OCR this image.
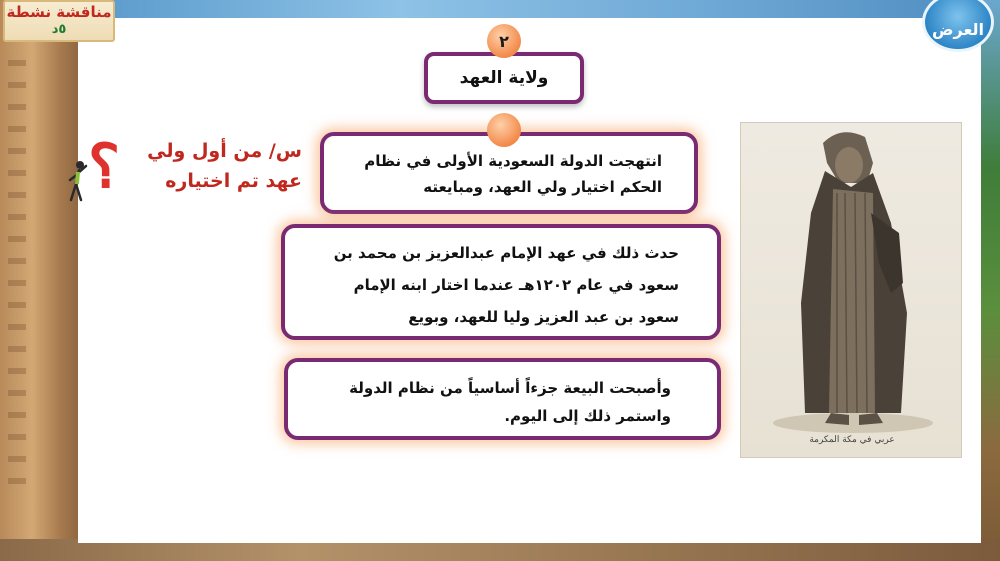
مناقشة نشطة
٥د	العرض
٢
ولاية العهد
انتهجت الدولة السعودية الأولى في نظام
الحكم اختيار ولي العهد، ومبايعته
حدث ذلك في عهد الإمام عبدالعزيز بن محمد بن
سعود في عام ١٢٠٢هـ عندما اختار ابنه الإمام
سعود بن عبد العزيز وليا للعهد، وبويع
وأصبحت البيعة جزءاً أساسياً من نظام الدولة
واستمر ذلك إلى اليوم.
س/ من أول ولي
عهد تم اختياره
؟
عربي في مكة المكرمة
